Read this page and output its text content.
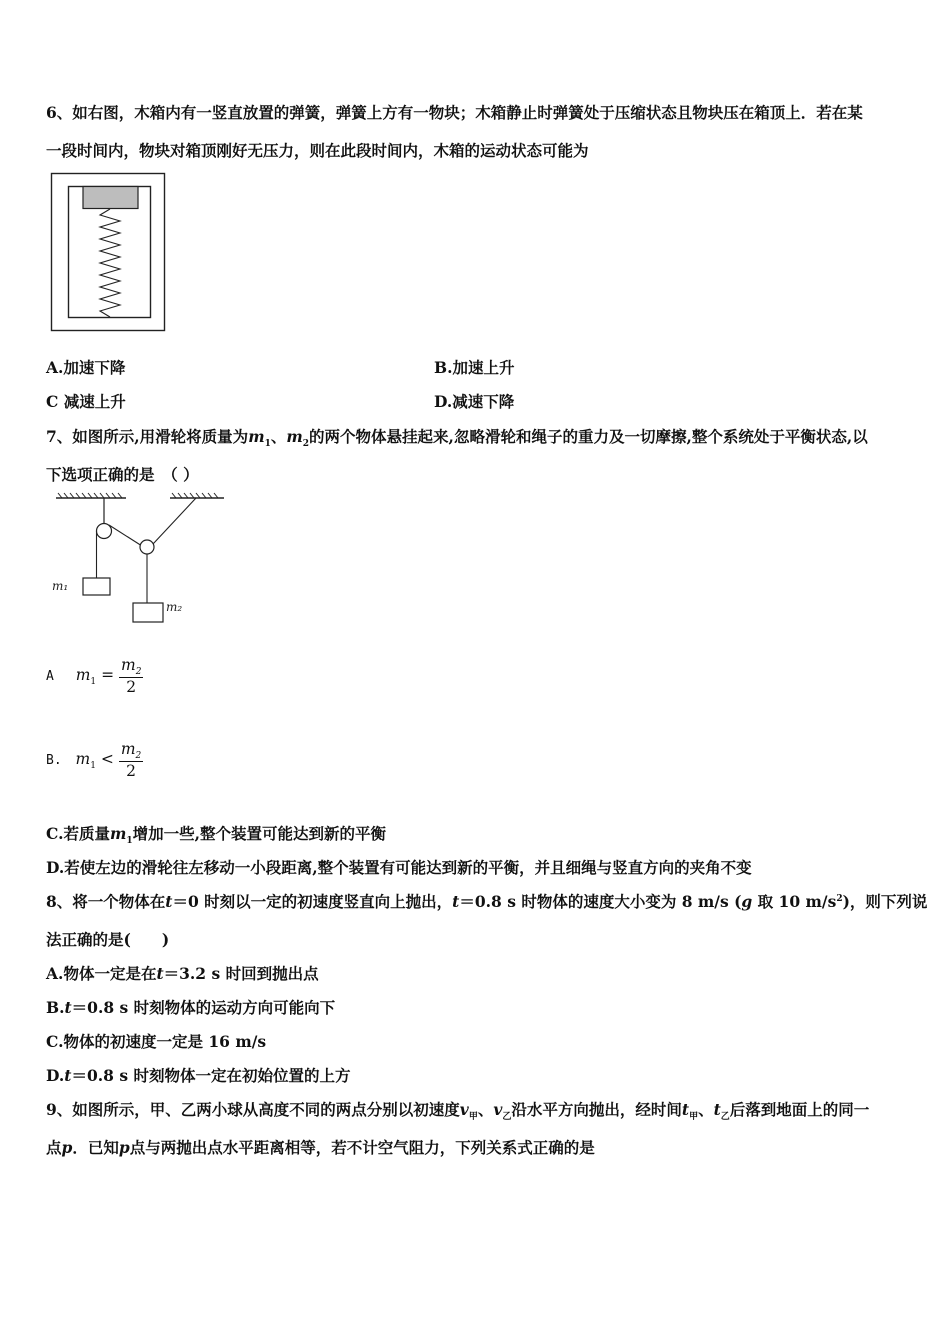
6、如右图，木箱内有一竖直放置的弹簧，弹簧上方有一物块；木箱静止时弹簧处于压缩状态且物块压在箱顶上．若在某
一段时间内，物块对箱顶刚好无压力，则在此段时间内，木箱的运动状态可能为
A.加速下降	B.加速上升
C 减速上升	D.减速下降
7、如图所示,用滑轮将质量为$m_1$、$m_2$的两个物体悬挂起来,忽略滑轮和绳子的重力及一切摩擦,整个系统处于平衡状态,以
下选项正确的是　（ ）
m₁
m₂
A $m_1 = \frac{m_2}{2}$
B. $m_1 < \frac{m_2}{2}$
C.若质量$m_1$增加一些,整个装置可能达到新的平衡
D.若使左边的滑轮往左移动一小段距离,整个装置有可能达到新的平衡，并且细绳与竖直方向的夹角不变
8、将一个物体在t＝0 时刻以一定的初速度竖直向上抛出，t＝0.8 s 时物体的速度大小变为 8 m/s (g 取 10 $m/s^2$)，则下列说
法正确的是(　　)
A.物体一定是在t＝3.2 s 时回到抛出点
B.t＝0.8 s 时刻物体的运动方向可能向下
C.物体的初速度一定是 16 m/s
D.t＝0.8 s 时刻物体一定在初始位置的上方
9、如图所示，甲、乙两小球从高度不同的两点分别以初速度$v_甲$、$v_乙$沿水平方向抛出，经时间$t_甲$、$t_乙$后落到地面上的同一
点p．已知p点与两抛出点水平距离相等，若不计空气阻力，下列关系式正确的是
